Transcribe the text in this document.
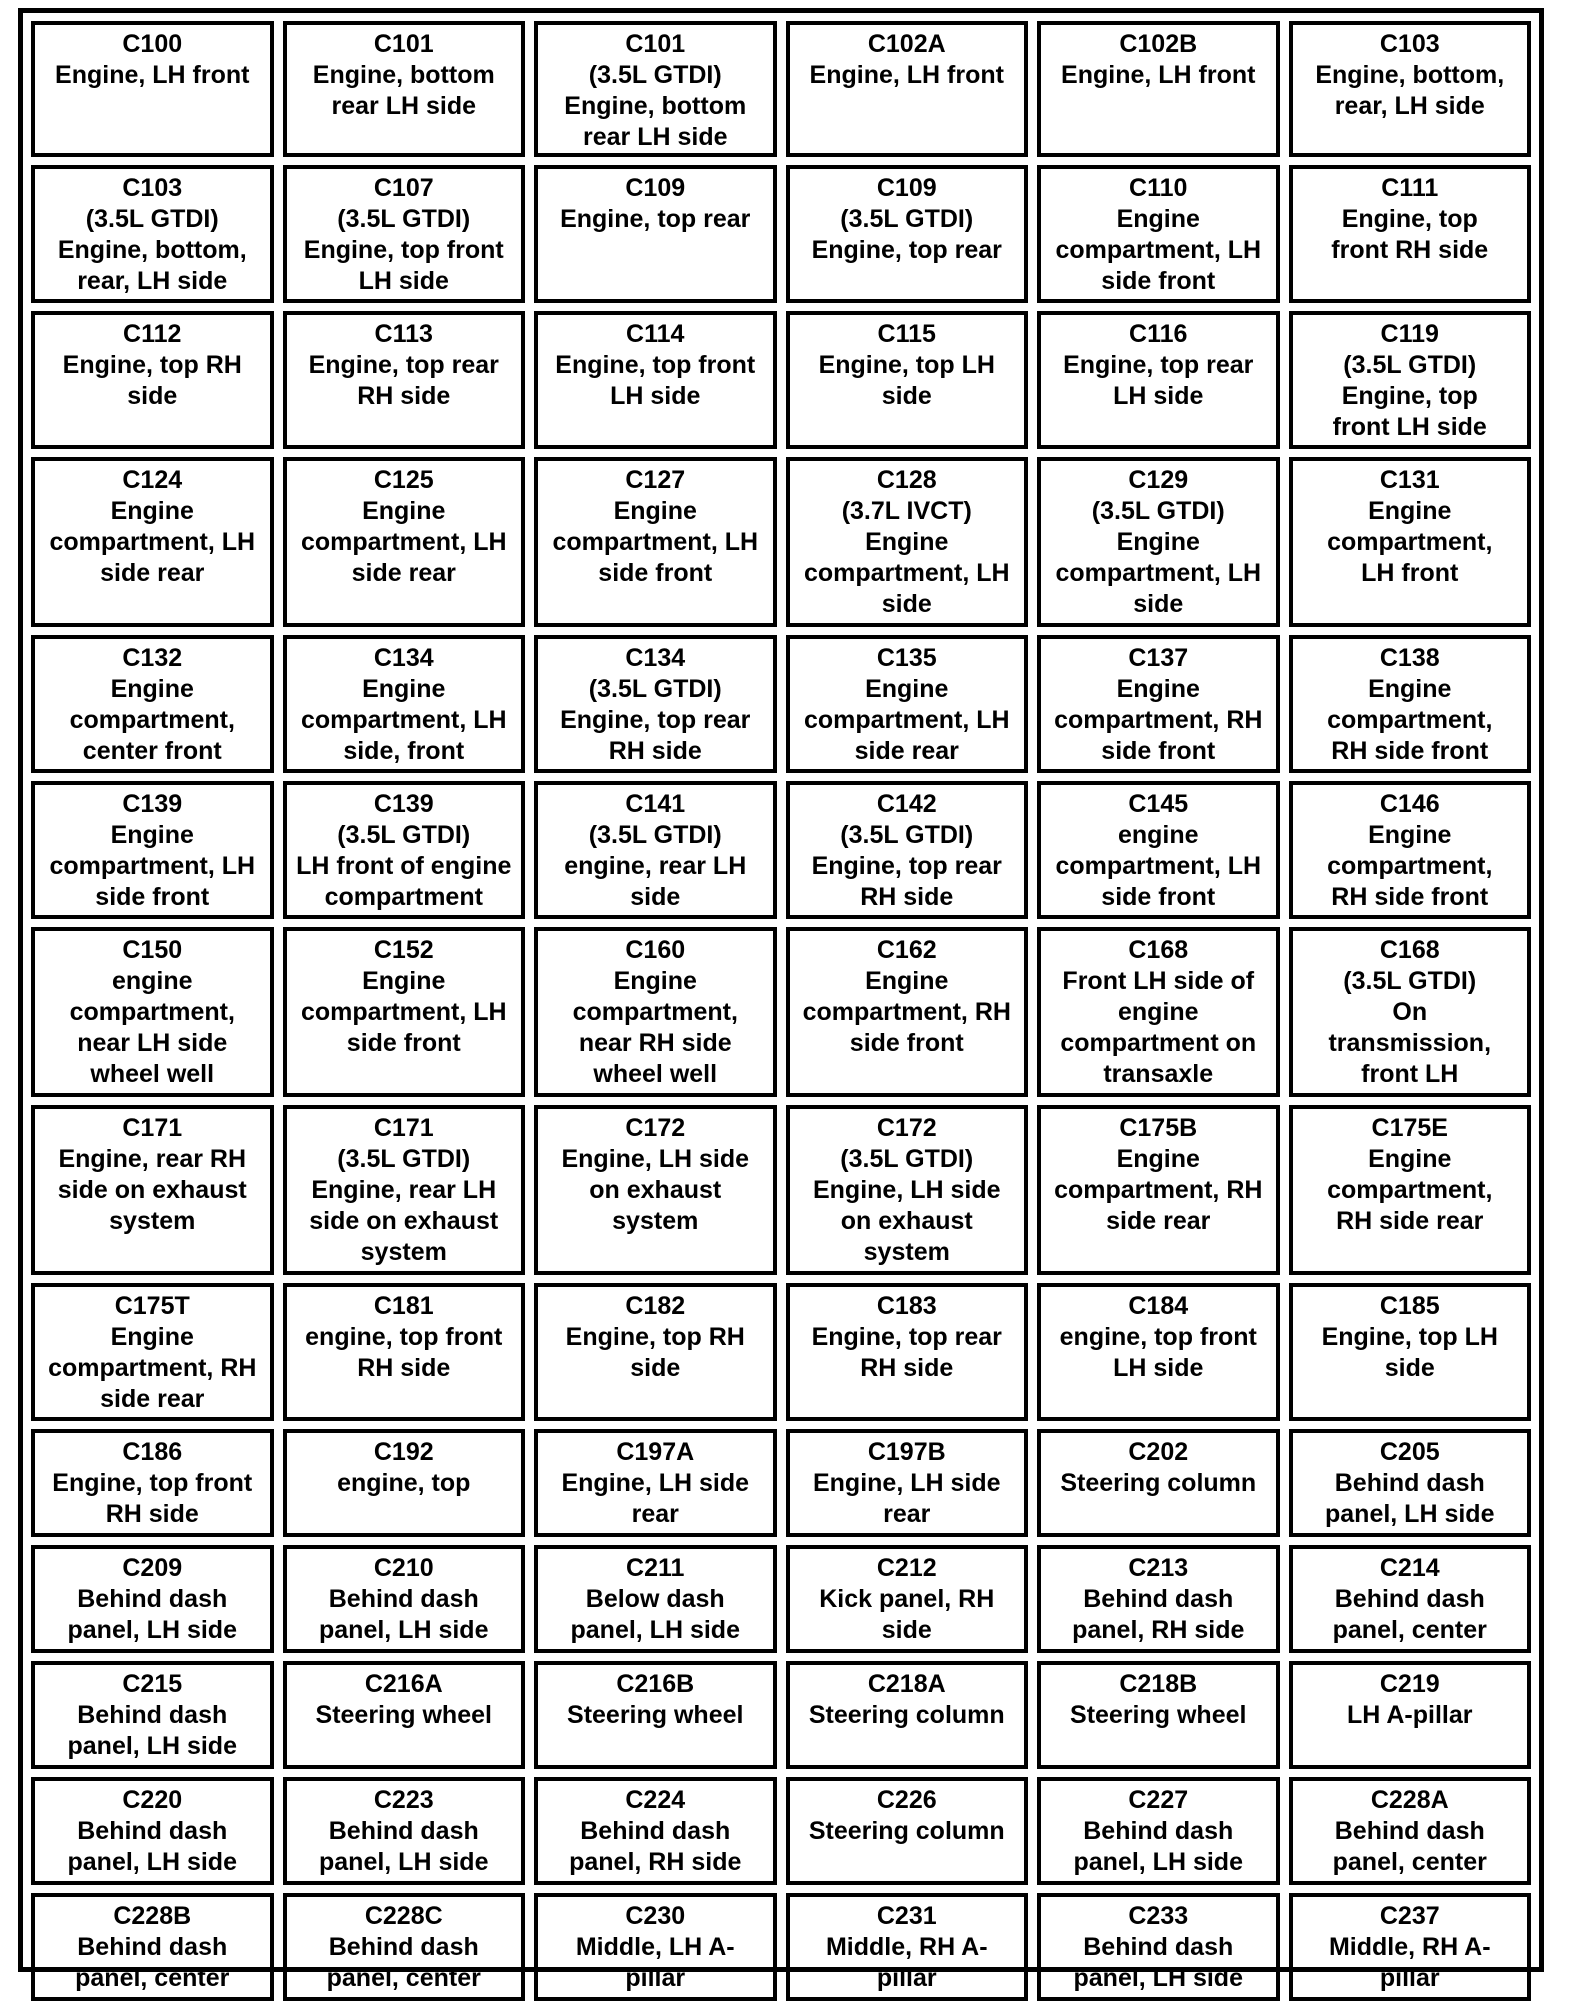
C100
Engine, LH front
C101
Engine, bottom
rear LH side
C101
(3.5L GTDI)
Engine, bottom
rear LH side
C102A
Engine, LH front
C102B
Engine, LH front
C103
Engine, bottom,
rear, LH side
C103
(3.5L GTDI)
Engine, bottom,
rear, LH side
C107
(3.5L GTDI)
Engine, top front
LH side
C109
Engine, top rear
C109
(3.5L GTDI)
Engine, top rear
C110
Engine
compartment, LH
side front
C111
Engine, top
front RH side
C112
Engine, top RH
side
C113
Engine, top rear
RH side
C114
Engine, top front
LH side
C115
Engine, top LH
side
C116
Engine, top rear
LH side
C119
(3.5L GTDI)
Engine, top
front LH side
C124
Engine
compartment, LH
side rear
C125
Engine
compartment, LH
side rear
C127
Engine
compartment, LH
side front
C128
(3.7L IVCT)
Engine
compartment, LH
side
C129
(3.5L GTDI)
Engine
compartment, LH
side
C131
Engine
compartment,
LH front
C132
Engine
compartment,
center front
C134
Engine
compartment, LH
side, front
C134
(3.5L GTDI)
Engine, top rear
RH side
C135
Engine
compartment, LH
side rear
C137
Engine
compartment, RH
side front
C138
Engine
compartment,
RH side front
C139
Engine
compartment, LH
side front
C139
(3.5L GTDI)
LH front of engine
compartment
C141
(3.5L GTDI)
engine, rear LH
side
C142
(3.5L GTDI)
Engine, top rear
RH side
C145
engine
compartment, LH
side front
C146
Engine
compartment,
RH side front
C150
engine
compartment,
near LH side
wheel well
C152
Engine
compartment, LH
side front
C160
Engine
compartment,
near RH side
wheel well
C162
Engine
compartment, RH
side front
C168
Front LH side of
engine
compartment on
transaxle
C168
(3.5L GTDI)
On
transmission,
front LH
C171
Engine, rear RH
side on exhaust
system
C171
(3.5L GTDI)
Engine, rear LH
side on exhaust
system
C172
Engine, LH side
on exhaust
system
C172
(3.5L GTDI)
Engine, LH side
on exhaust
system
C175B
Engine
compartment, RH
side rear
C175E
Engine
compartment,
RH side rear
C175T
Engine
compartment, RH
side rear
C181
engine, top front
RH side
C182
Engine, top RH
side
C183
Engine, top rear
RH side
C184
engine, top front
LH side
C185
Engine, top LH
side
C186
Engine, top front
RH side
C192
engine, top
C197A
Engine, LH side
rear
C197B
Engine, LH side
rear
C202
Steering column
C205
Behind dash
panel, LH side
C209
Behind dash
panel, LH side
C210
Behind dash
panel, LH side
C211
Below dash
panel, LH side
C212
Kick panel, RH
side
C213
Behind dash
panel, RH side
C214
Behind dash
panel, center
C215
Behind dash
panel, LH side
C216A
Steering wheel
C216B
Steering wheel
C218A
Steering column
C218B
Steering wheel
C219
LH A-pillar
C220
Behind dash
panel, LH side
C223
Behind dash
panel, LH side
C224
Behind dash
panel, RH side
C226
Steering column
C227
Behind dash
panel, LH side
C228A
Behind dash
panel, center
C228B
Behind dash
panel, center
C228C
Behind dash
panel, center
C230
Middle, LH A-
pillar
C231
Middle, RH A-
pillar
C233
Behind dash
panel, LH side
C237
Middle, RH A-
pillar
